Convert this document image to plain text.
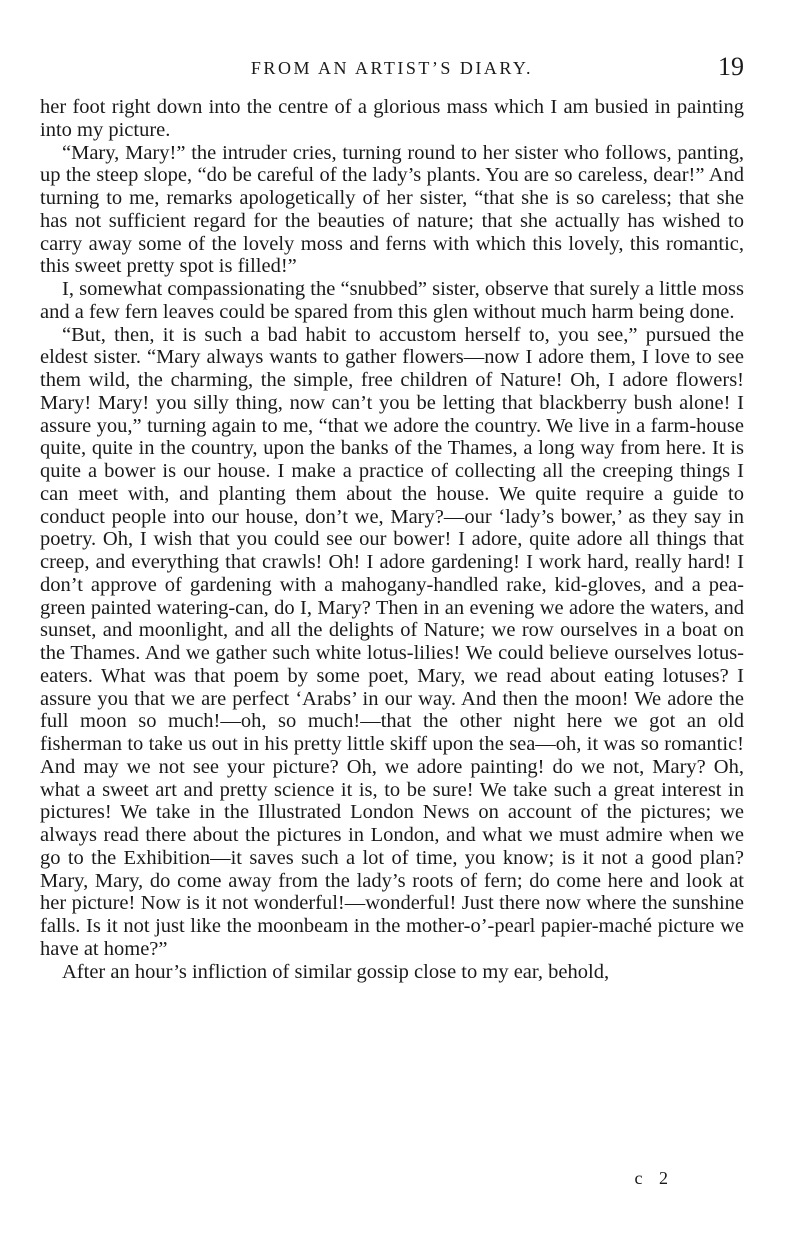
FROM AN ARTIST’S DIARY.	19

her foot right down into the centre of a glorious mass which I am busied in painting into my picture.

“Mary, Mary!” the intruder cries, turning round to her sister who follows, panting, up the steep slope, “do be careful of the lady’s plants. You are so careless, dear!” And turning to me, remarks apologetically of her sister, “that she is so careless; that she has not sufficient regard for the beauties of nature; that she actually has wished to carry away some of the lovely moss and ferns with which this lovely, this romantic, this sweet pretty spot is filled!”

I, somewhat compassionating the “snubbed” sister, observe that surely a little moss and a few fern leaves could be spared from this glen without much harm being done.

“But, then, it is such a bad habit to accustom herself to, you see,” pursued the eldest sister. “Mary always wants to gather flowers—now I adore them, I love to see them wild, the charming, the simple, free children of Nature! Oh, I adore flowers! Mary! Mary! you silly thing, now can’t you be letting that blackberry bush alone! I assure you,” turning again to me, “that we adore the country. We live in a farm-house quite, quite in the country, upon the banks of the Thames, a long way from here. It is quite a bower is our house. I make a practice of collecting all the creeping things I can meet with, and planting them about the house. We quite require a guide to conduct people into our house, don’t we, Mary?—our ‘lady’s bower,’ as they say in poetry. Oh, I wish that you could see our bower! I adore, quite adore all things that creep, and everything that crawls! Oh! I adore gardening! I work hard, really hard! I don’t approve of gardening with a mahogany-handled rake, kid-gloves, and a pea-green painted watering-can, do I, Mary? Then in an evening we adore the waters, and sunset, and moonlight, and all the delights of Nature; we row ourselves in a boat on the Thames. And we gather such white lotus-lilies! We could believe ourselves lotus-eaters. What was that poem by some poet, Mary, we read about eating lotuses? I assure you that we are perfect ‘Arabs’ in our way. And then the moon! We adore the full moon so much!—oh, so much!—that the other night here we got an old fisherman to take us out in his pretty little skiff upon the sea—oh, it was so romantic! And may we not see your picture? Oh, we adore painting! do we not, Mary? Oh, what a sweet art and pretty science it is, to be sure! We take such a great interest in pictures! We take in the Illustrated London News on account of the pictures; we always read there about the pictures in London, and what we must admire when we go to the Exhibition—it saves such a lot of time, you know; is it not a good plan? Mary, Mary, do come away from the lady’s roots of fern; do come here and look at her picture! Now is it not wonderful!—wonderful! Just there now where the sunshine falls. Is it not just like the moonbeam in the mother-o’-pearl papier-maché picture we have at home?”

After an hour’s infliction of similar gossip close to my ear, behold,

c 2
